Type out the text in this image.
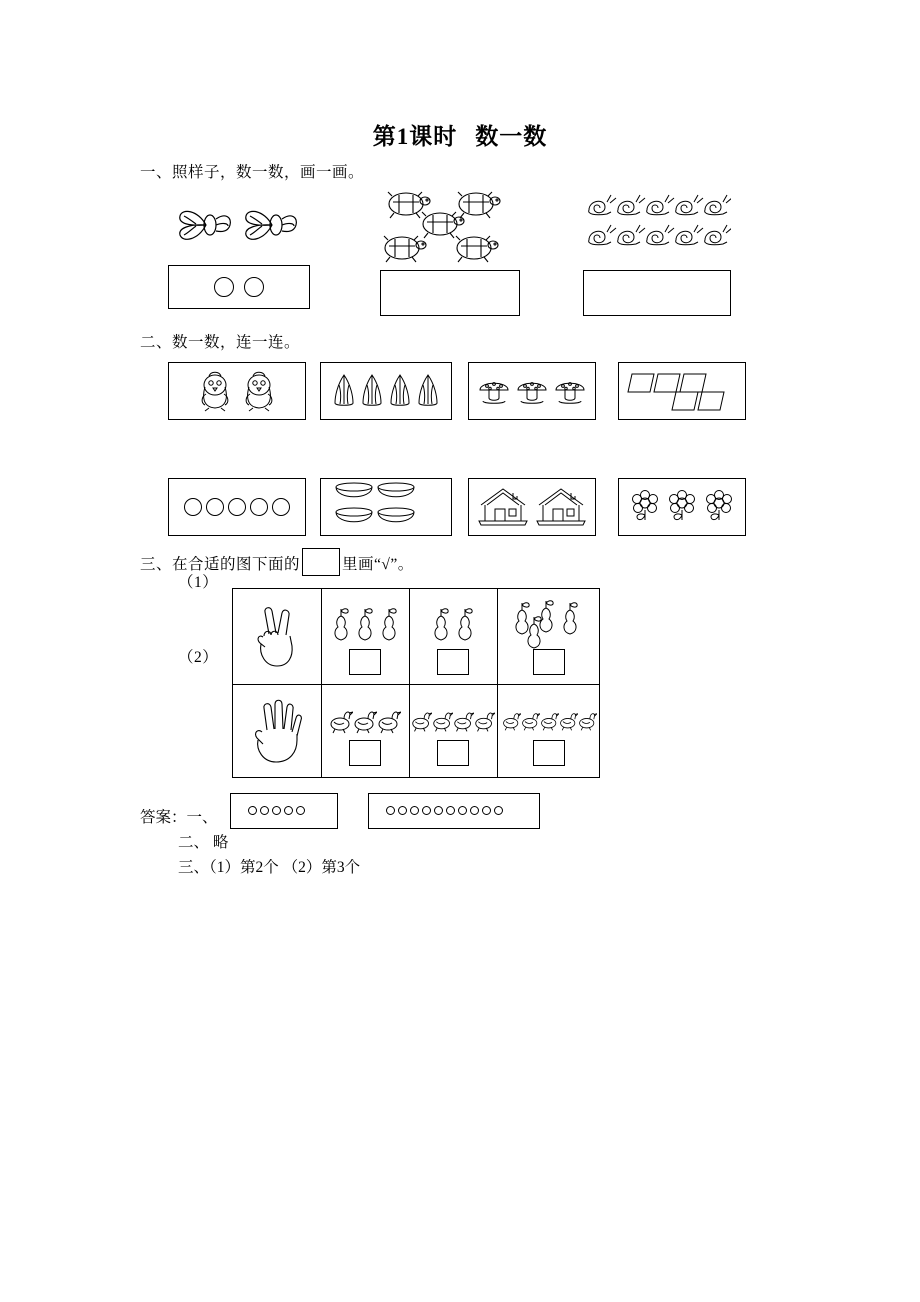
第1课时 数一数
一、照样子，数一数，画一画。
二、数一数，连一连。
三、在合适的图下面的	里画“√”。
（1）
（2）
答案：一、
二、 略
三、（1）第2个 （2）第3个
